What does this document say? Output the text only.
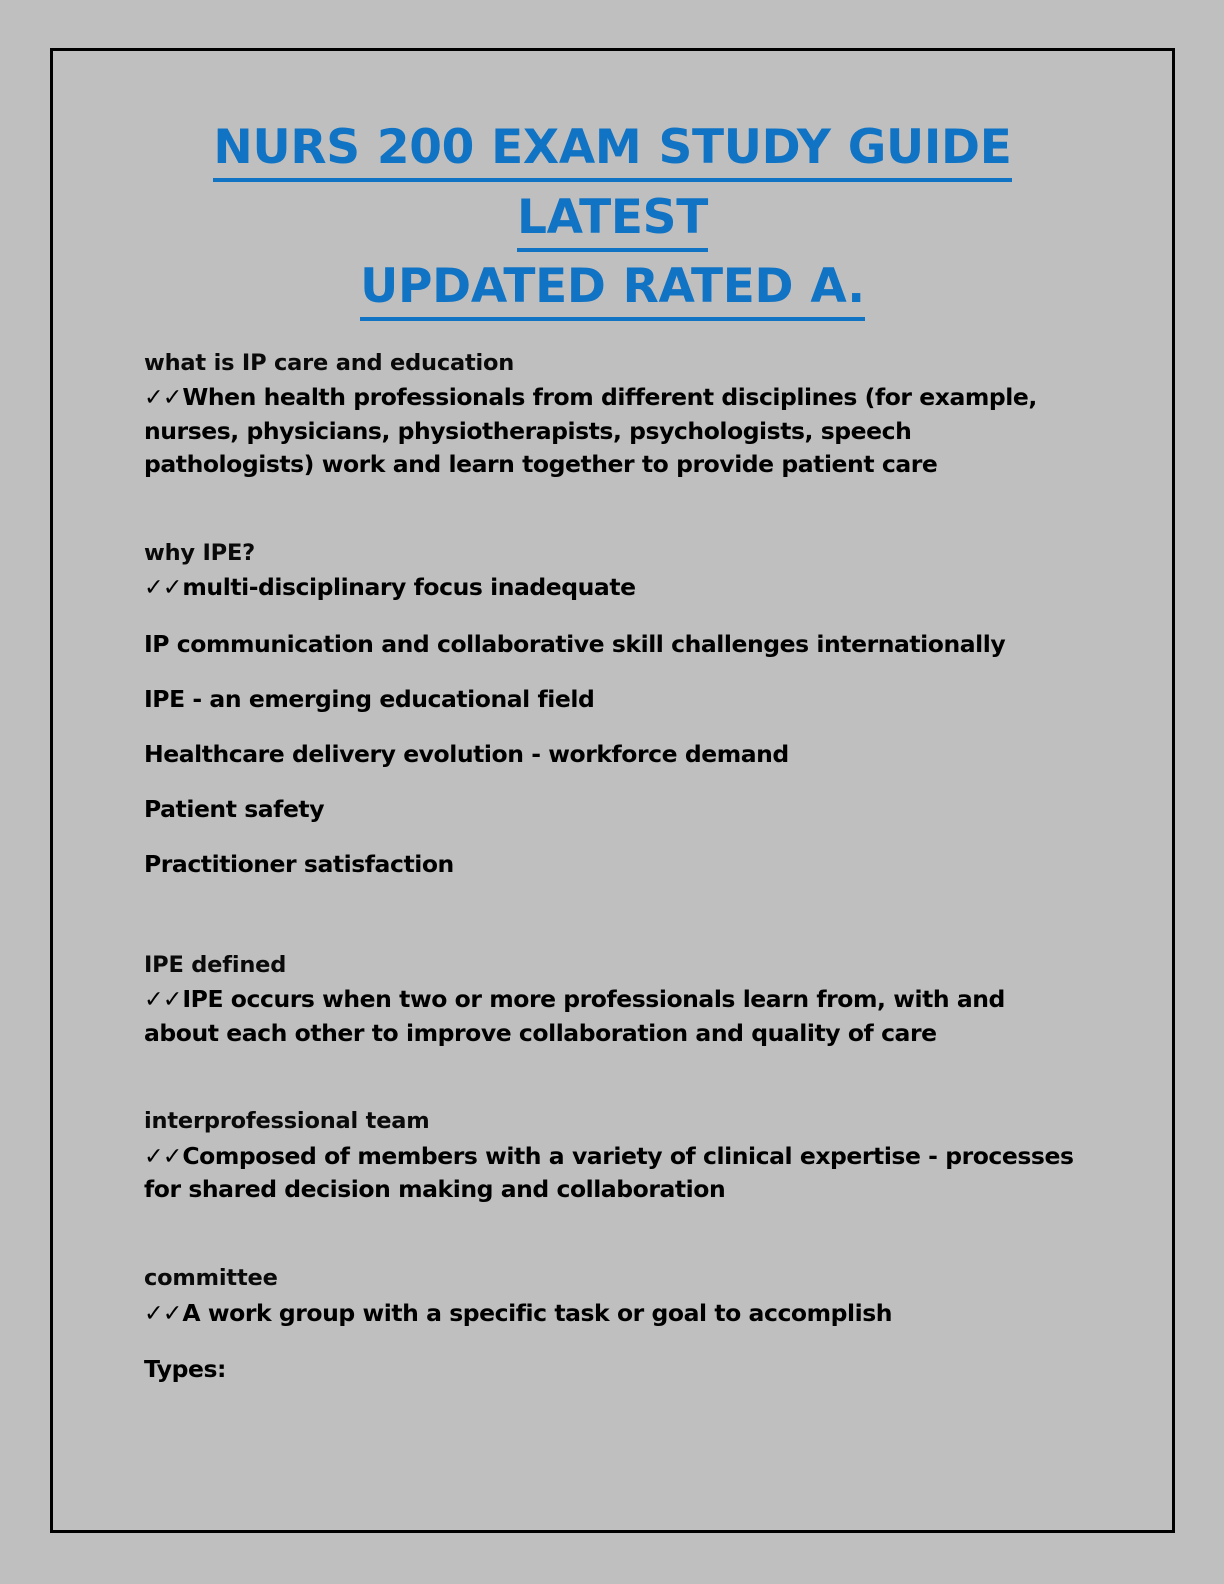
NURS 200 EXAM STUDY GUIDE LATEST
UPDATED RATED A.

what is IP care and education

✓✓When health professionals from different disciplines (for example, nurses, physicians, physiotherapists, psychologists, speech pathologists) work and learn together to provide patient care

why IPE?

✓✓multi-disciplinary focus inadequate

IP communication and collaborative skill challenges internationally

IPE - an emerging educational field

Healthcare delivery evolution - workforce demand

Patient safety

Practitioner satisfaction

IPE defined

✓✓IPE occurs when two or more professionals learn from, with and about each other to improve collaboration and quality of care

interprofessional team

✓✓Composed of members with a variety of clinical expertise - processes for shared decision making and collaboration

committee

✓✓A work group with a specific task or goal to accomplish

Types:
